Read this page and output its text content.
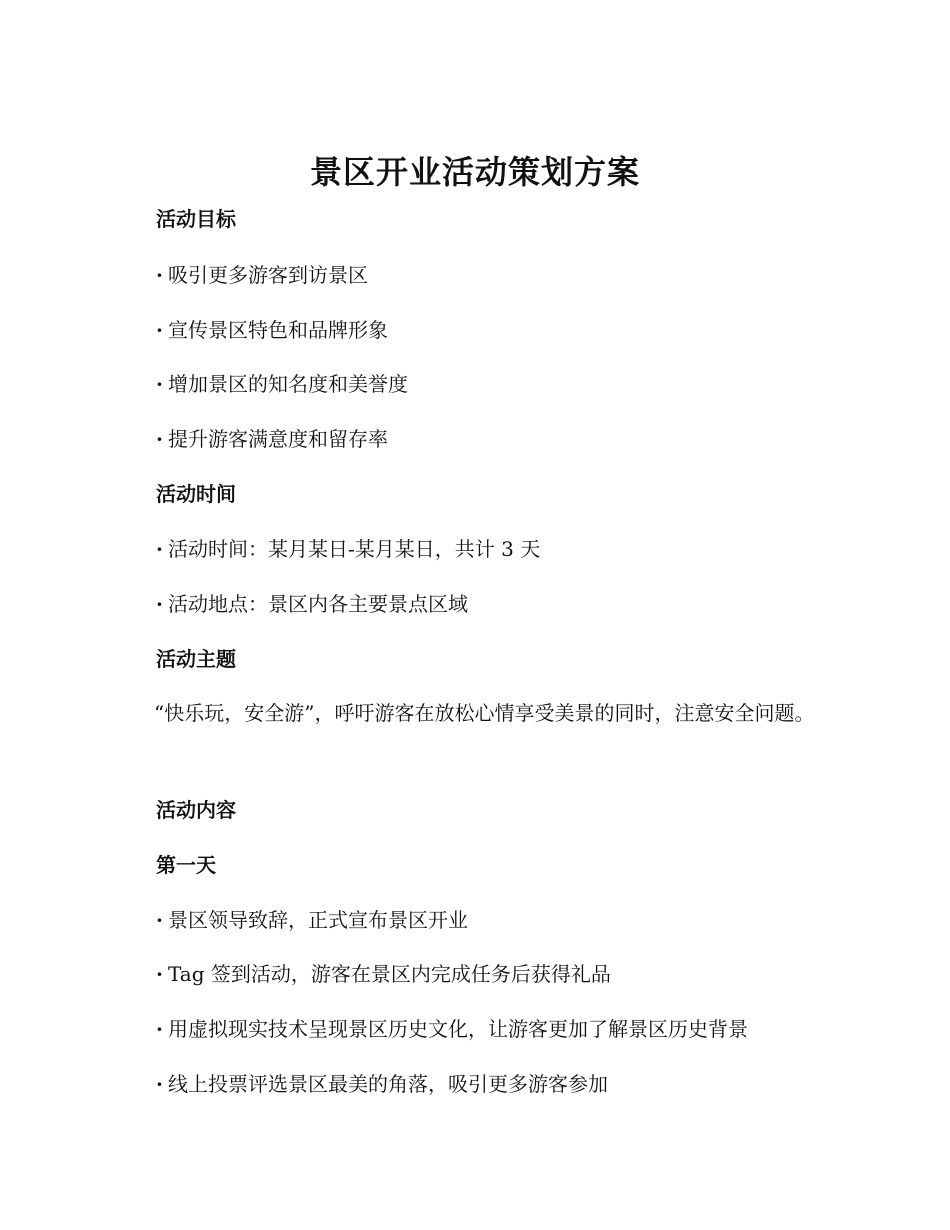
景区开业活动策划方案
活动目标
· 吸引更多游客到访景区
· 宣传景区特色和品牌形象
· 增加景区的知名度和美誉度
· 提升游客满意度和留存率
活动时间
· 活动时间：某月某日-某月某日，共计 3 天
· 活动地点：景区内各主要景点区域
活动主题
“快乐玩，安全游”，呼吁游客在放松心情享受美景的同时，注意安全问题。
活动内容
第一天
· 景区领导致辞，正式宣布景区开业
· Tag 签到活动，游客在景区内完成任务后获得礼品
· 用虚拟现实技术呈现景区历史文化，让游客更加了解景区历史背景
· 线上投票评选景区最美的角落，吸引更多游客参加
